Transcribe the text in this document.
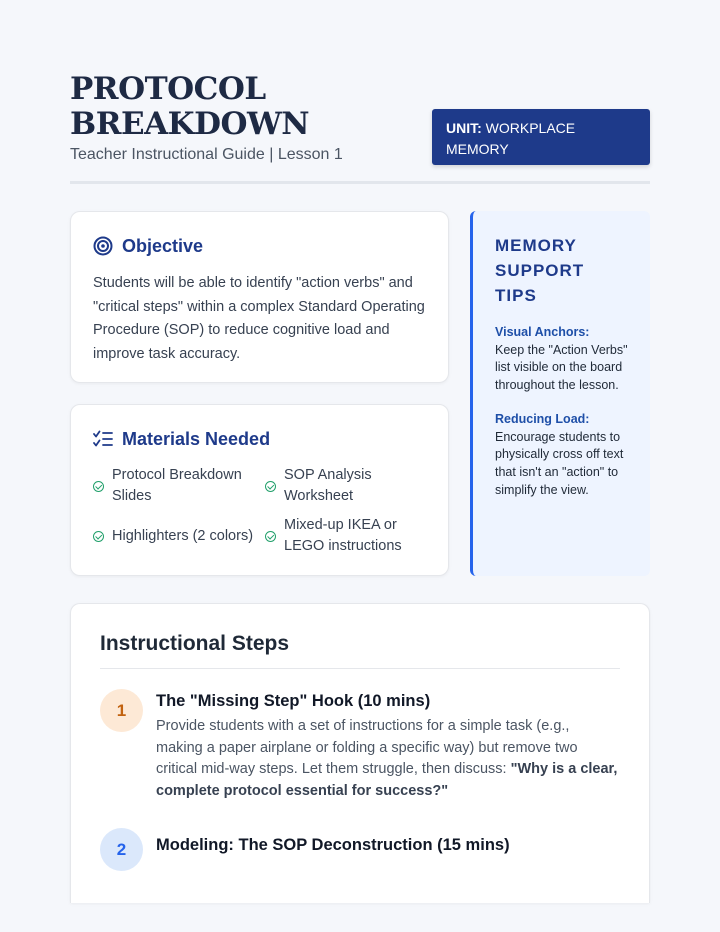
PROTOCOL BREAKDOWN
Teacher Instructional Guide | Lesson 1
UNIT: WORKPLACE MEMORY
Objective

Students will be able to identify "action verbs" and "critical steps" within a complex Standard Operating Procedure (SOP) to reduce cognitive load and improve task accuracy.

Materials Needed
Protocol Breakdown Slides
SOP Analysis Worksheet
Highlighters (2 colors)
Mixed-up IKEA or LEGO instructions
MEMORY SUPPORT TIPS
Visual Anchors:
Keep the "Action Verbs" list visible on the board throughout the lesson.
Reducing Load:
Encourage students to physically cross off text that isn't an "action" to simplify the view.
Instructional Steps
1	The "Missing Step" Hook (10 mins)

Provide students with a set of instructions for a simple task (e.g., making a paper airplane or folding a specific way) but remove two critical mid-way steps. Let them struggle, then discuss: "Why is a clear, complete protocol essential for success?"

2	Modeling: The SOP Deconstruction (15 mins)
